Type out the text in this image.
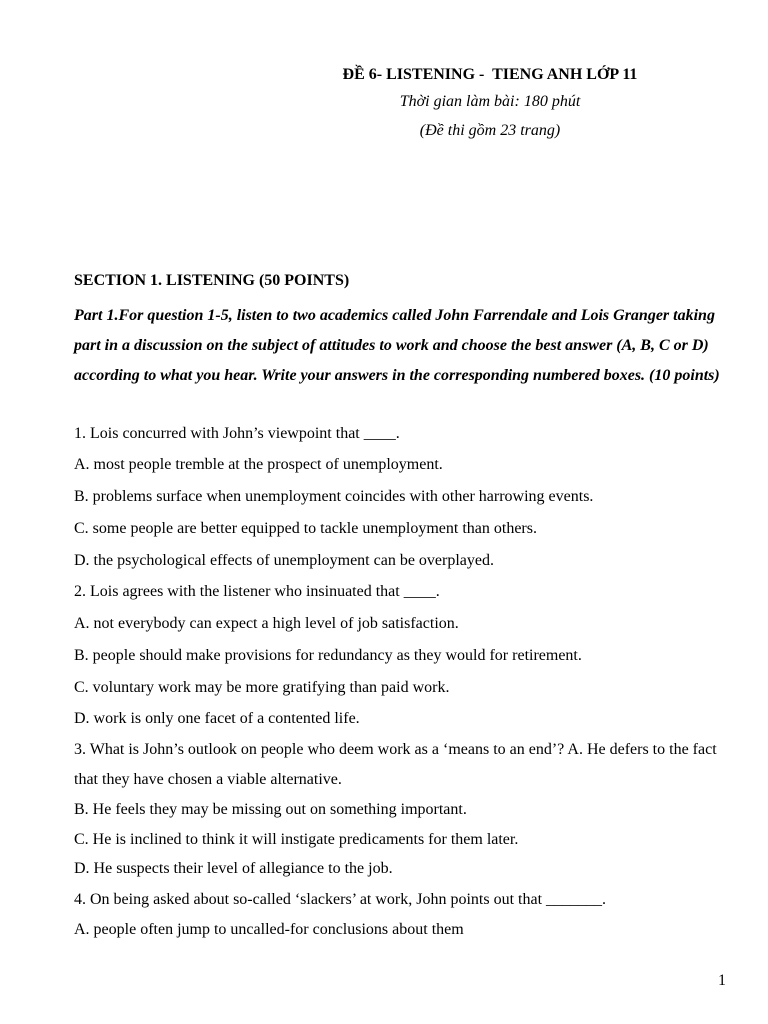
ĐỀ 6- LISTENING -  TIENG ANH LỚP 11
Thời gian làm bài: 180 phút
(Đề thi gồm 23 trang)
SECTION 1. LISTENING (50 POINTS)
Part 1.For question 1-5, listen to two academics called John Farrendale and Lois Granger taking part in a discussion on the subject of attitudes to work and choose the best answer (A, B, C or D) according to what you hear. Write your answers in the corresponding numbered boxes. (10 points)
1. Lois concurred with John’s viewpoint that ____.
A. most people tremble at the prospect of unemployment.
B. problems surface when unemployment coincides with other harrowing events.
C. some people are better equipped to tackle unemployment than others.
D. the psychological effects of unemployment can be overplayed.
2. Lois agrees with the listener who insinuated that ____.
A. not everybody can expect a high level of job satisfaction.
B. people should make provisions for redundancy as they would for retirement.
C. voluntary work may be more gratifying than paid work.
D. work is only one facet of a contented life.
3. What is John’s outlook on people who deem work as a ‘means to an end’? A. He defers to the fact that they have chosen a viable alternative.
B. He feels they may be missing out on something important.
C. He is inclined to think it will instigate predicaments for them later.
D. He suspects their level of allegiance to the job.
4. On being asked about so-called ‘slackers’ at work, John points out that _______.
A. people often jump to uncalled-for conclusions about them
1
